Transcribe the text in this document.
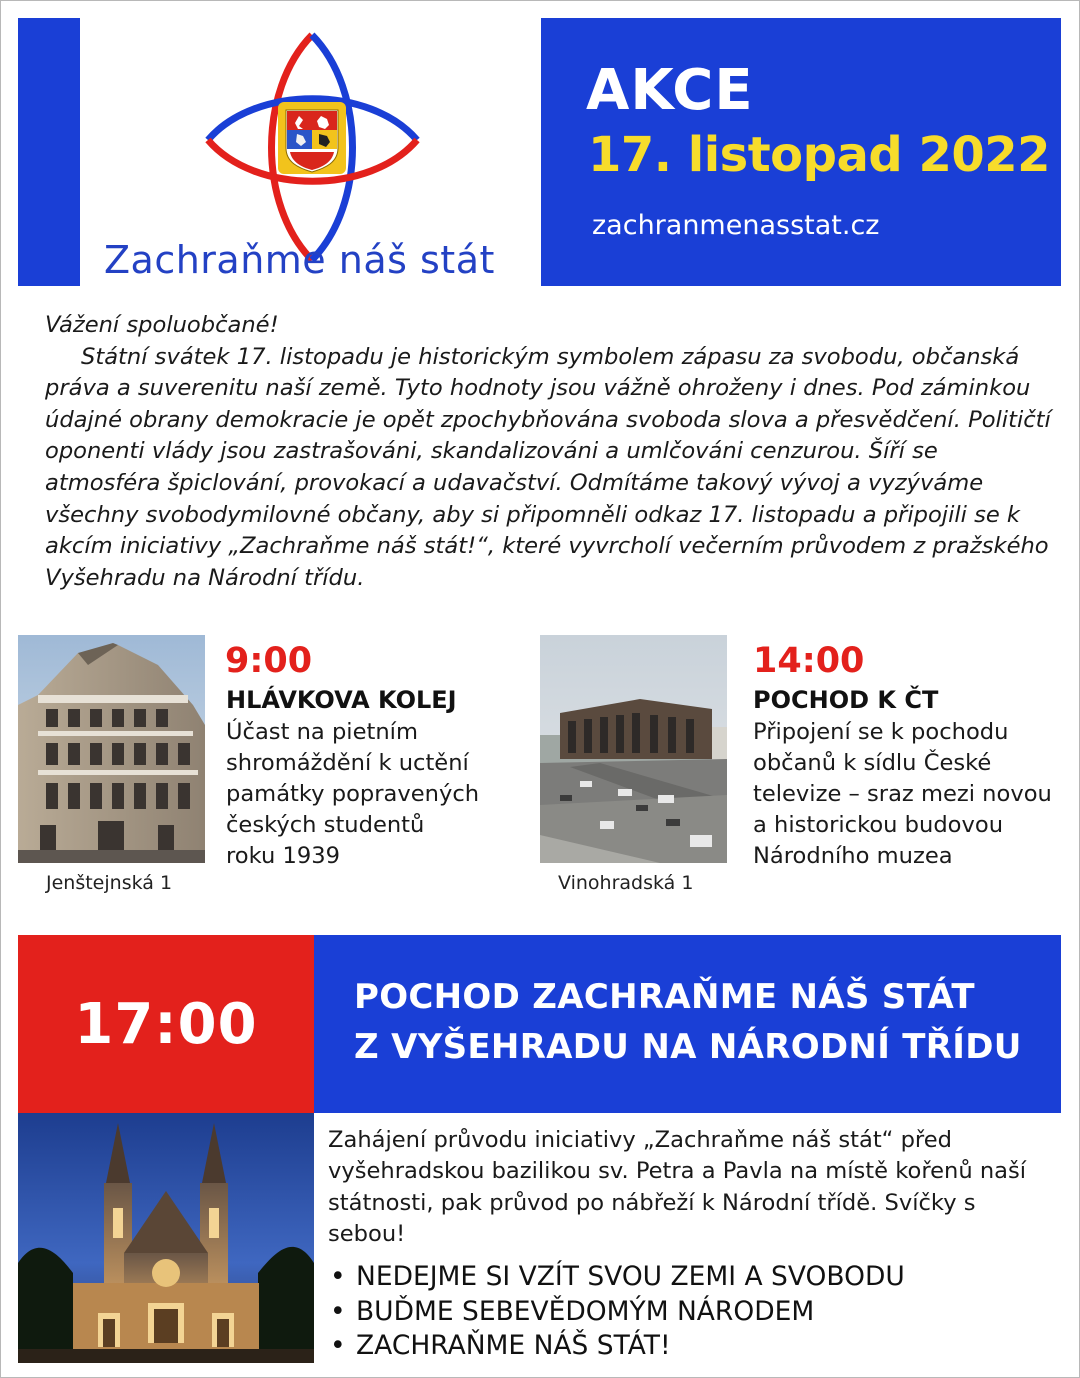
Zachraňme náš stát
AKCE
17. listopad 2022
zachranmenasstat.cz

Vážení spoluobčané!

Státní svátek 17. listopadu je historickým symbolem zápasu za svobodu, občanská práva a suverenitu naší země. Tyto hodnoty jsou vážně ohroženy i dnes. Pod záminkou údajné obrany demokracie je opět zpochybňována svoboda slova a přesvědčení. Političtí oponenti vlády jsou zastrašováni, skandalizováni a umlčováni cenzurou. Šíří se atmosféra špiclování, provokací a udavačství. Odmítáme takový vývoj a vyzýváme všechny svobodymilovné občany, aby si připomněli odkaz 17. listopadu a připojili se k akcím iniciativy „Zachraňme náš stát!“, které vyvrcholí večerním průvodem z pražského Vyšehradu na Národní třídu.

9:00
HLÁVKOVA KOLEJ
Účast na pietním
shromáždění k uctění
památky popravených
českých studentů
roku 1939
Jenštejnská 1
14:00
POCHOD K ČT
Připojení se k pochodu
občanů k sídlu České
televize – sraz mezi novou
a historickou budovou
Národního muzea
Vinohradská 1
17:00	POCHOD ZACHRAŇME NÁŠ STÁT
Z VYŠEHRADU NA NÁRODNÍ TŘÍDU

Zahájení průvodu iniciativy „Zachraňme náš stát“ před vyšehradskou bazilikou sv. Petra a Pavla na místě kořenů naší státnosti, pak průvod po nábřeží k Národní třídě. Svíčky s sebou!

• NEDEJME SI VZÍT SVOU ZEMI A SVOBODU
• BUĎME SEBEVĚDOMÝM NÁRODEM
• ZACHRAŇME NÁŠ STÁT!
